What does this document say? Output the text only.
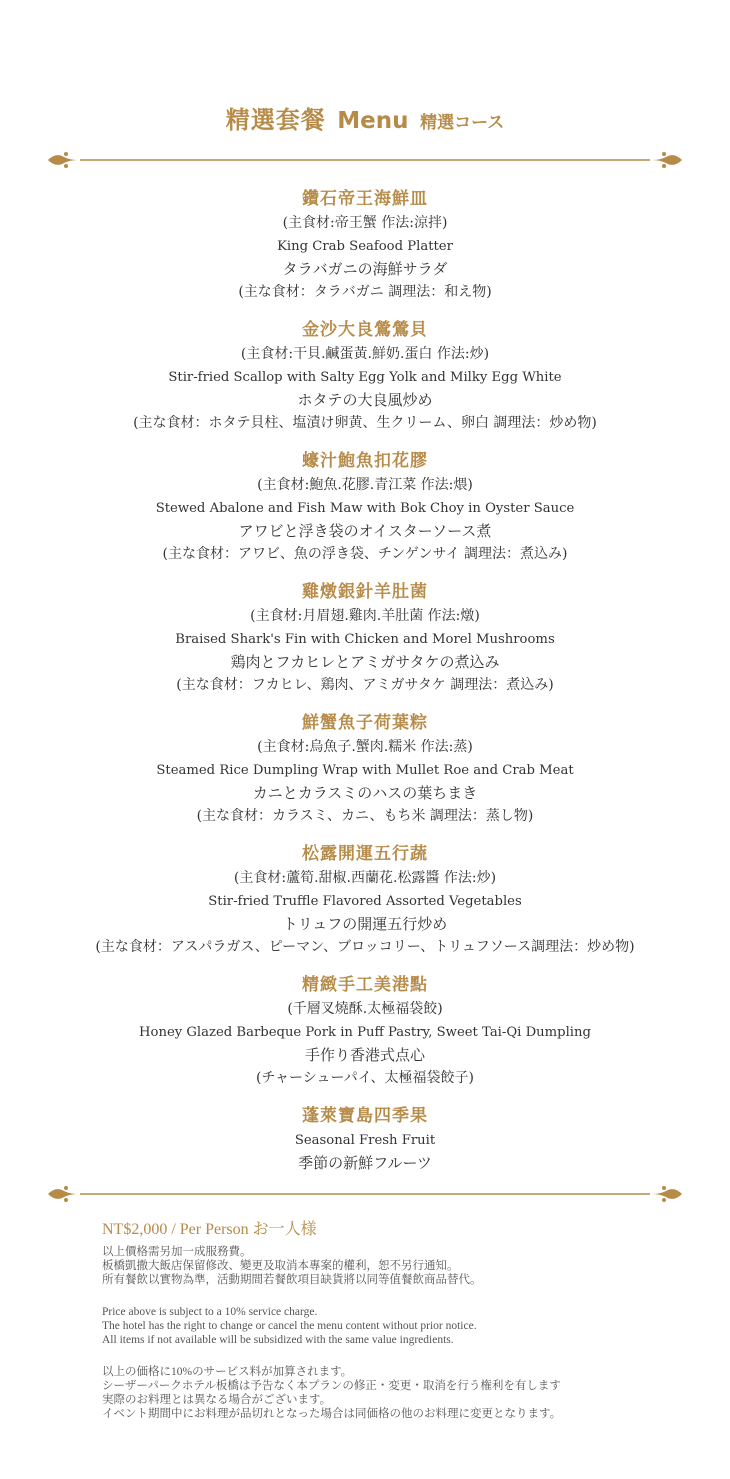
精選套餐 Menu 精選コース
鑽石帝王海鮮皿
(主食材:帝王蟹 作法:涼拌)
King Crab Seafood Platter
タラバガニの海鮮サラダ
(主な食材：タラバガニ 調理法：和え物)
金沙大良鶯鶯貝
(主食材:干貝.鹹蛋黃.鮮奶.蛋白 作法:炒)
Stir-fried Scallop with Salty Egg Yolk and Milky Egg White
ホタテの大良風炒め
(主な食材：ホタテ貝柱、塩漬け卵黄、生クリーム、卵白 調理法：炒め物)
蠔汁鮑魚扣花膠
(主食材:鮑魚.花膠.青江菜 作法:煨)
Stewed Abalone and Fish Maw with Bok Choy in Oyster Sauce
アワビと浮き袋のオイスターソース煮
(主な食材：アワビ、魚の浮き袋、チンゲンサイ 調理法：煮込み)
雞燉銀針羊肚菌
(主食材:月眉翅.雞肉.羊肚菌 作法:燉)
Braised Shark's Fin with Chicken and Morel Mushrooms
鶏肉とフカヒレとアミガサタケの煮込み
(主な食材：フカヒレ、鶏肉、アミガサタケ 調理法：煮込み)
鮮蟹魚子荷葉粽
(主食材:烏魚子.蟹肉.糯米 作法:蒸)
Steamed Rice Dumpling Wrap with Mullet Roe and Crab Meat
カニとカラスミのハスの葉ちまき
(主な食材：カラスミ、カニ、もち米 調理法：蒸し物)
松露開運五行蔬
(主食材:蘆筍.甜椒.西蘭花.松露醬 作法:炒)
Stir-fried Truffle Flavored Assorted Vegetables
トリュフの開運五行炒め
(主な食材：アスパラガス、ピーマン、ブロッコリー、トリュフソース調理法：炒め物)
精緻手工美港點
(千層叉燒酥.太極福袋餃)
Honey Glazed Barbeque Pork in Puff Pastry, Sweet Tai-Qi Dumpling
手作り香港式点心
(チャーシューパイ、太極福袋餃子)
蓬萊寶島四季果
Seasonal Fresh Fruit
季節の新鮮フルーツ
NT$2,000 / Per Person お一人様
以上價格需另加一成服務費。
板橋凱撒大飯店保留修改、變更及取消本專案的權利，恕不另行通知。
所有餐飲以實物為準，活動期間若餐飲項目缺貨將以同等值餐飲商品替代。
Price above is subject to a 10% service charge.
The hotel has the right to change or cancel the menu content without prior notice.
All items if not available will be subsidized with the same value ingredients.
以上の価格に10%のサービス料が加算されます。
シーザーパークホテル板橋は予告なく本プランの修正・変更・取消を行う権利を有します
実際のお料理とは異なる場合がございます。
イベント期間中にお料理が品切れとなった場合は同価格の他のお料理に変更となります。
